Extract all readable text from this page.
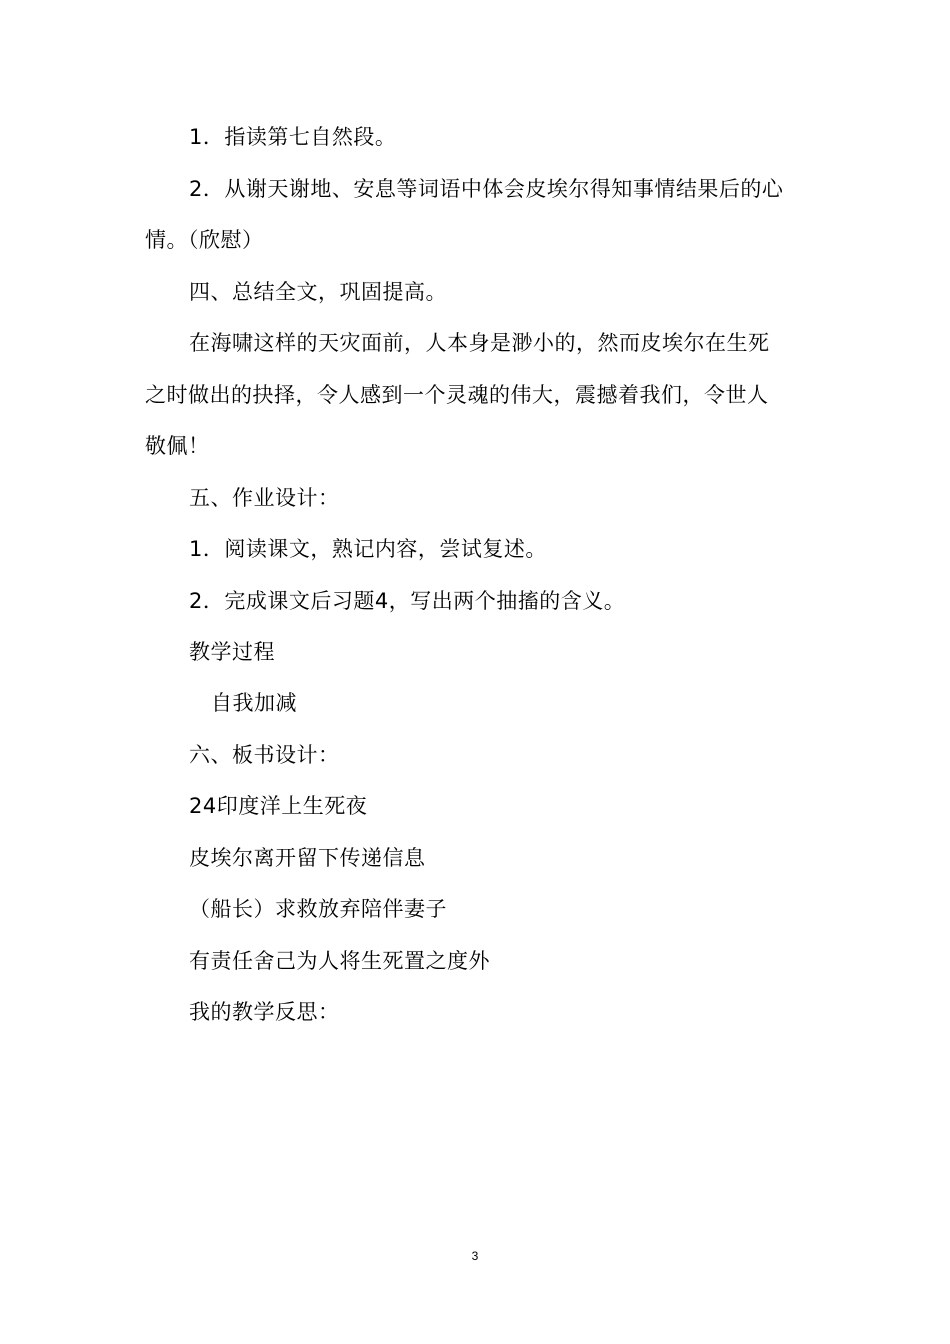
1．指读第七自然段。
2．从谢天谢地、安息等词语中体会皮埃尔得知事情结果后的心
情。（欣慰）
四、总结全文，巩固提高。
在海啸这样的天灾面前，人本身是渺小的，然而皮埃尔在生死
之时做出的抉择，令人感到一个灵魂的伟大，震撼着我们，令世人
敬佩！
五、作业设计：
1．阅读课文，熟记内容，尝试复述。
2．完成课文后习题4，写出两个抽搐的含义。
教学过程
自我加减
六、板书设计：
24印度洋上生死夜
皮埃尔离开留下传递信息
（船长）求救放弃陪伴妻子
有责任舍己为人将生死置之度外
我的教学反思：
3
